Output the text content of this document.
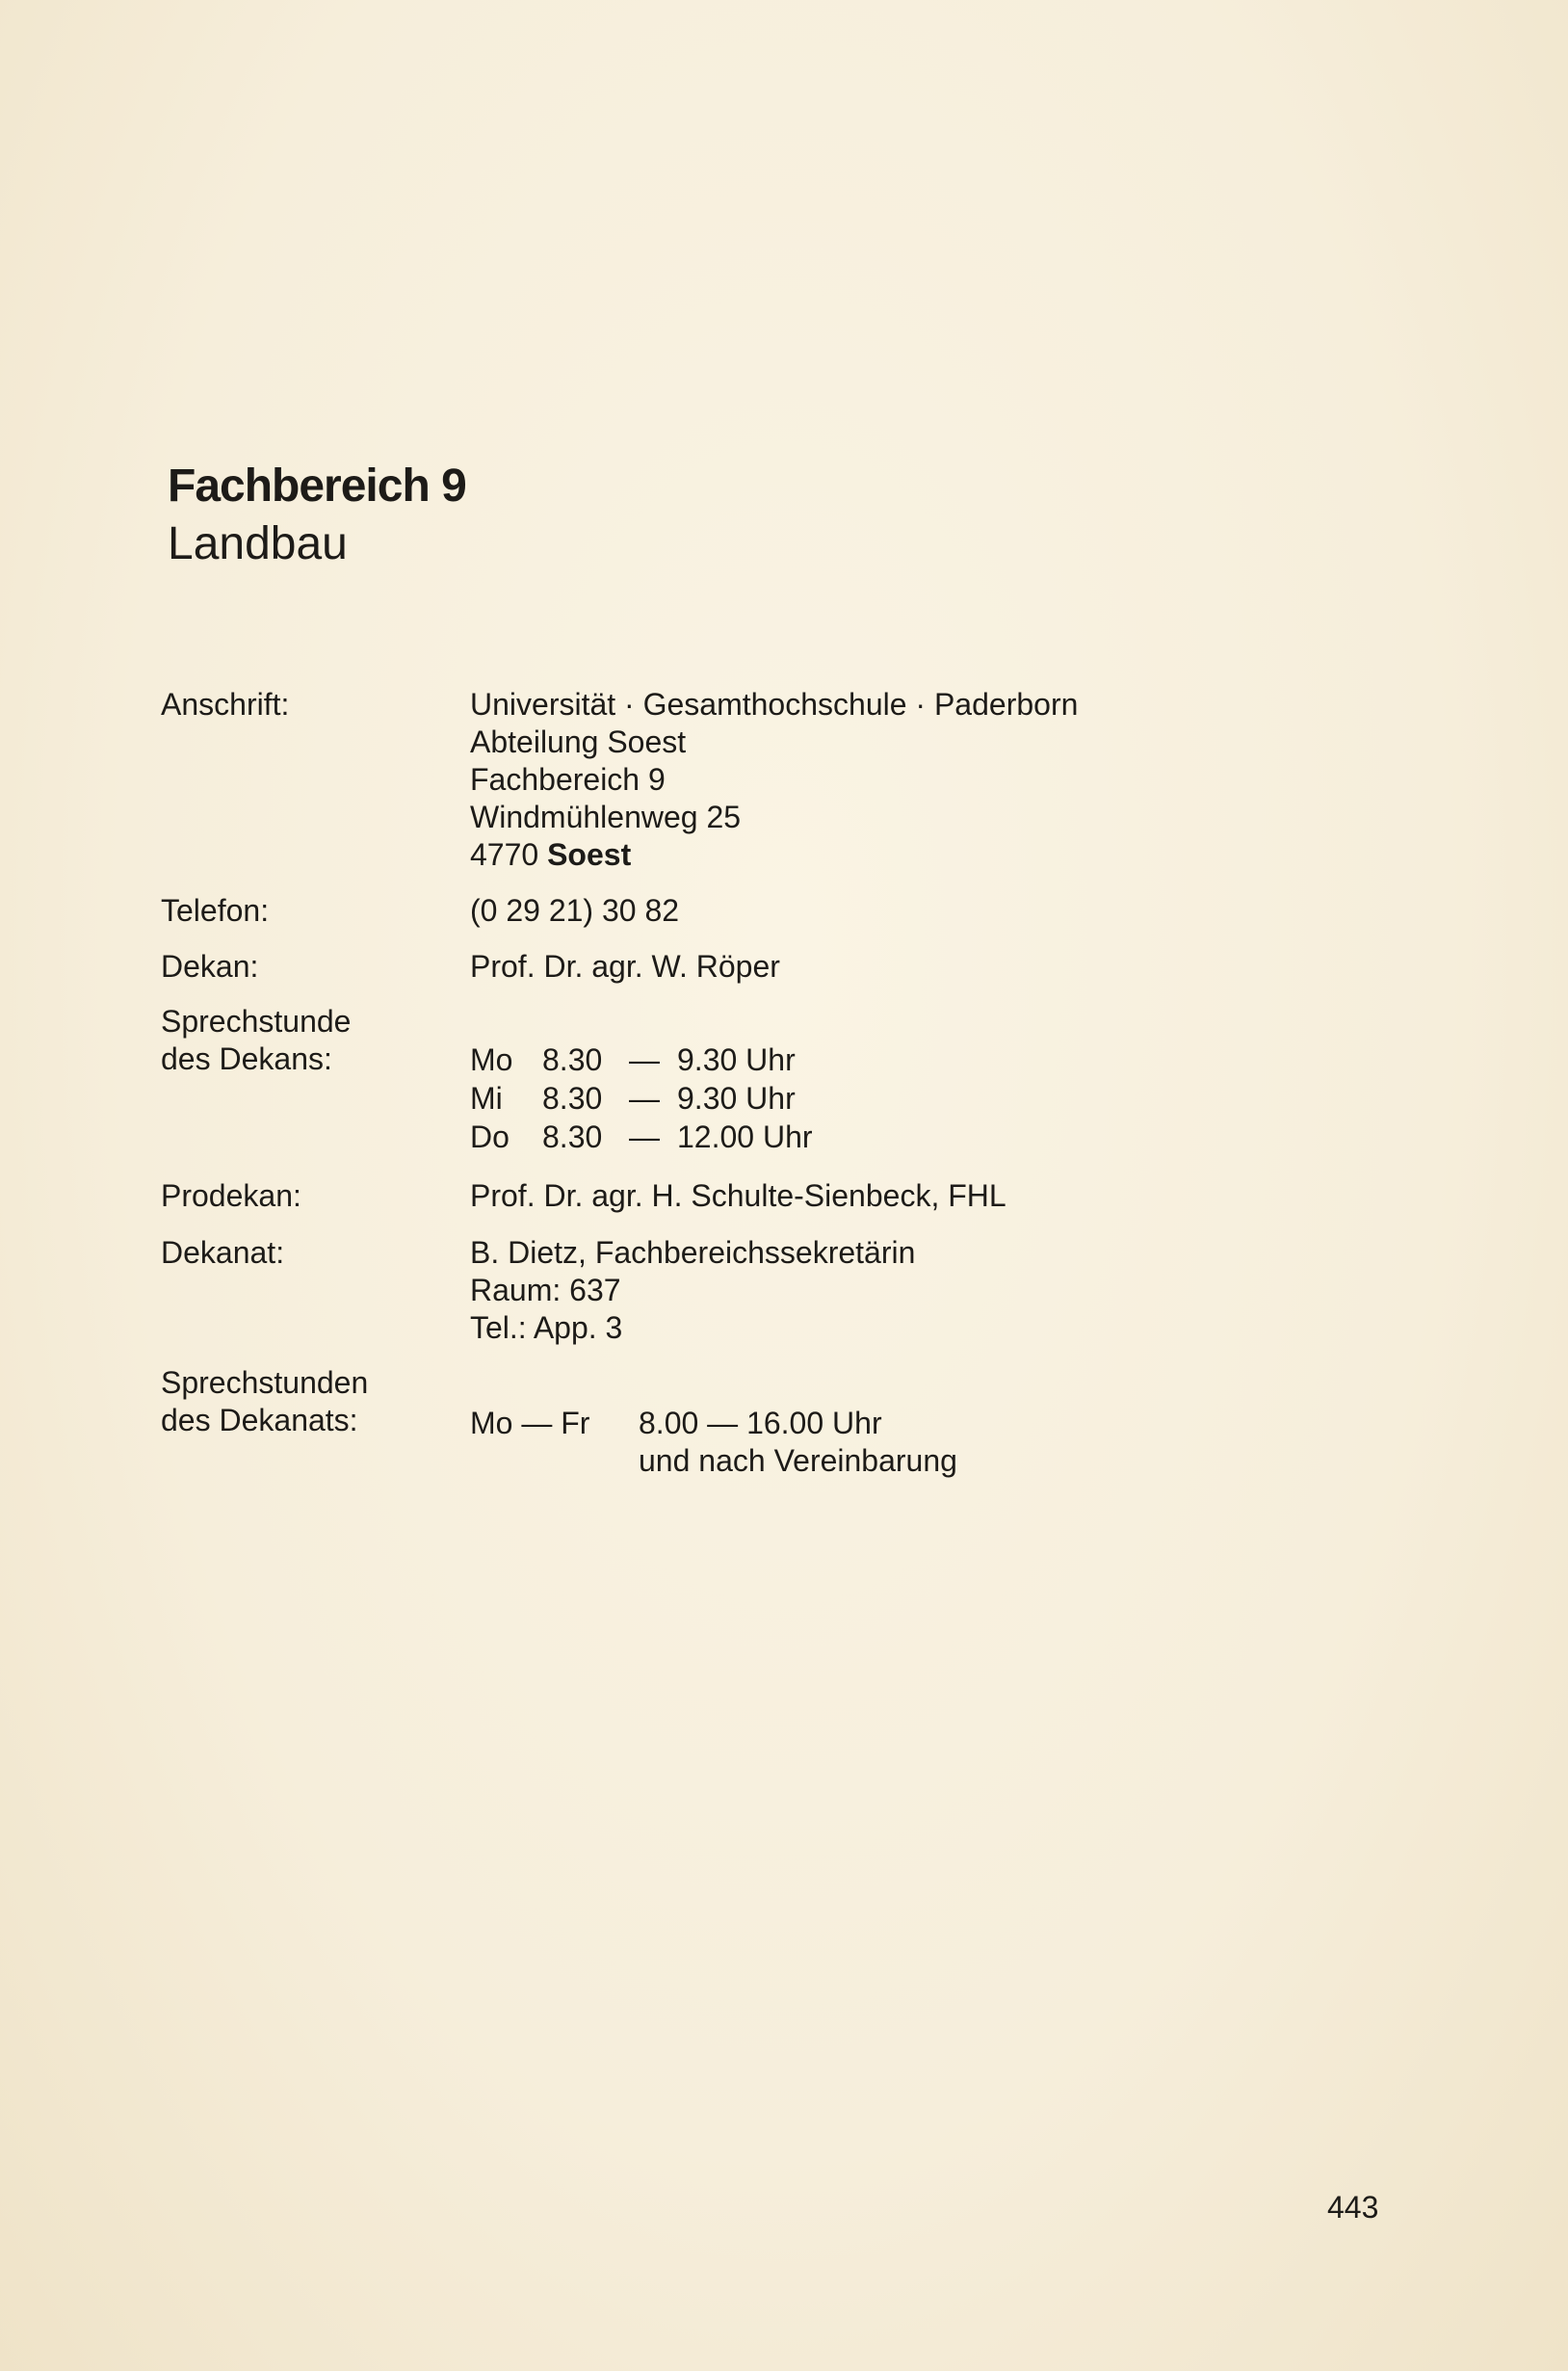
Fachbereich 9
Landbau
Anschrift:	Universität · Gesamthochschule · Paderborn
Abteilung Soest
Fachbereich 9
Windmühlenweg 25
4770 Soest
Telefon:	(0 29 21) 30 82
Dekan:	Prof. Dr. agr. W. Röper
Sprechstunde
des Dekans:	Mo	8.30	—	9.30 Uhr
Mi	8.30	—	9.30 Uhr
Do	8.30	—	12.00 Uhr
Prodekan:	Prof. Dr. agr. H. Schulte-Sienbeck, FHL
Dekanat:	B. Dietz, Fachbereichssekretärin
Raum: 637
Tel.: App. 3
Sprechstunden
des Dekanats:	Mo — Fr 8.00 — 16.00 Uhr
und nach Vereinbarung
443
